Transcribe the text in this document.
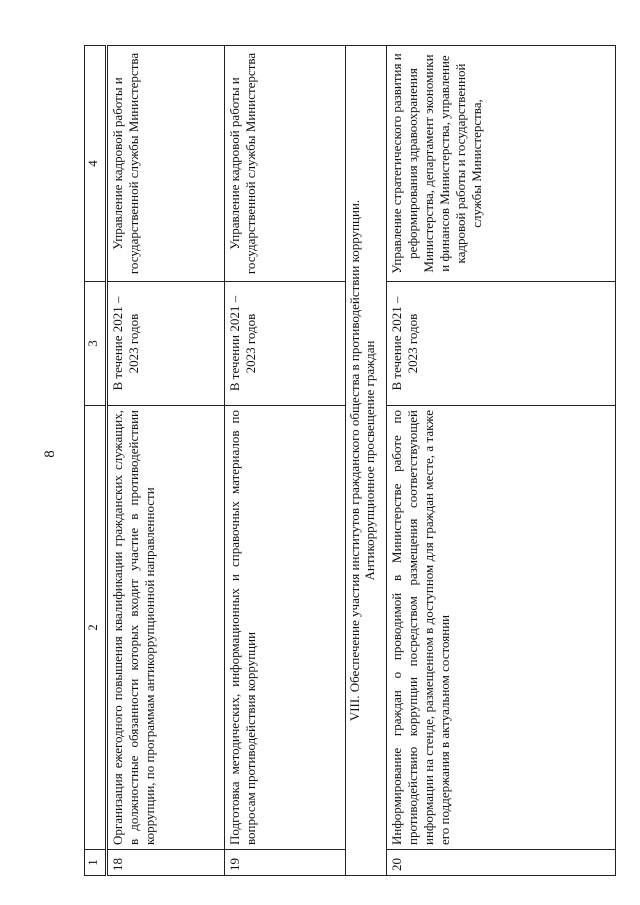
8
1	2	3	4
18	Организация ежегодного повышения квалификации гражданских служащих, в должностные обязанности которых входит участие в противодействии коррупции, по программам антикоррупционной направленности	В течение 2021 – 2023 годов	Управление кадровой работы и государственной службы Министерства
19	Подготовка методических, информационных и справочных материалов по вопросам противодействия коррупции	В течении 2021 – 2023 годов	Управление кадровой работы и государственной службы Министерства

VIII. Обеспечение участия институтов гражданского общества в противодействии коррупции. Антикоррупционное просвещение граждан			

20	Информирование граждан о проводимой в Министерстве работе по противодействию коррупции посредством размещения соответствующей информации на стенде, размещенном в доступном для граждан месте, а также его поддержания в актуальном состоянии	В течение 2021 – 2023 годов	Управление стратегического развития и реформирования здравоохранения Министерства, департамент экономики и финансов Министерства, управление кадровой работы и государственной службы Министерства,
